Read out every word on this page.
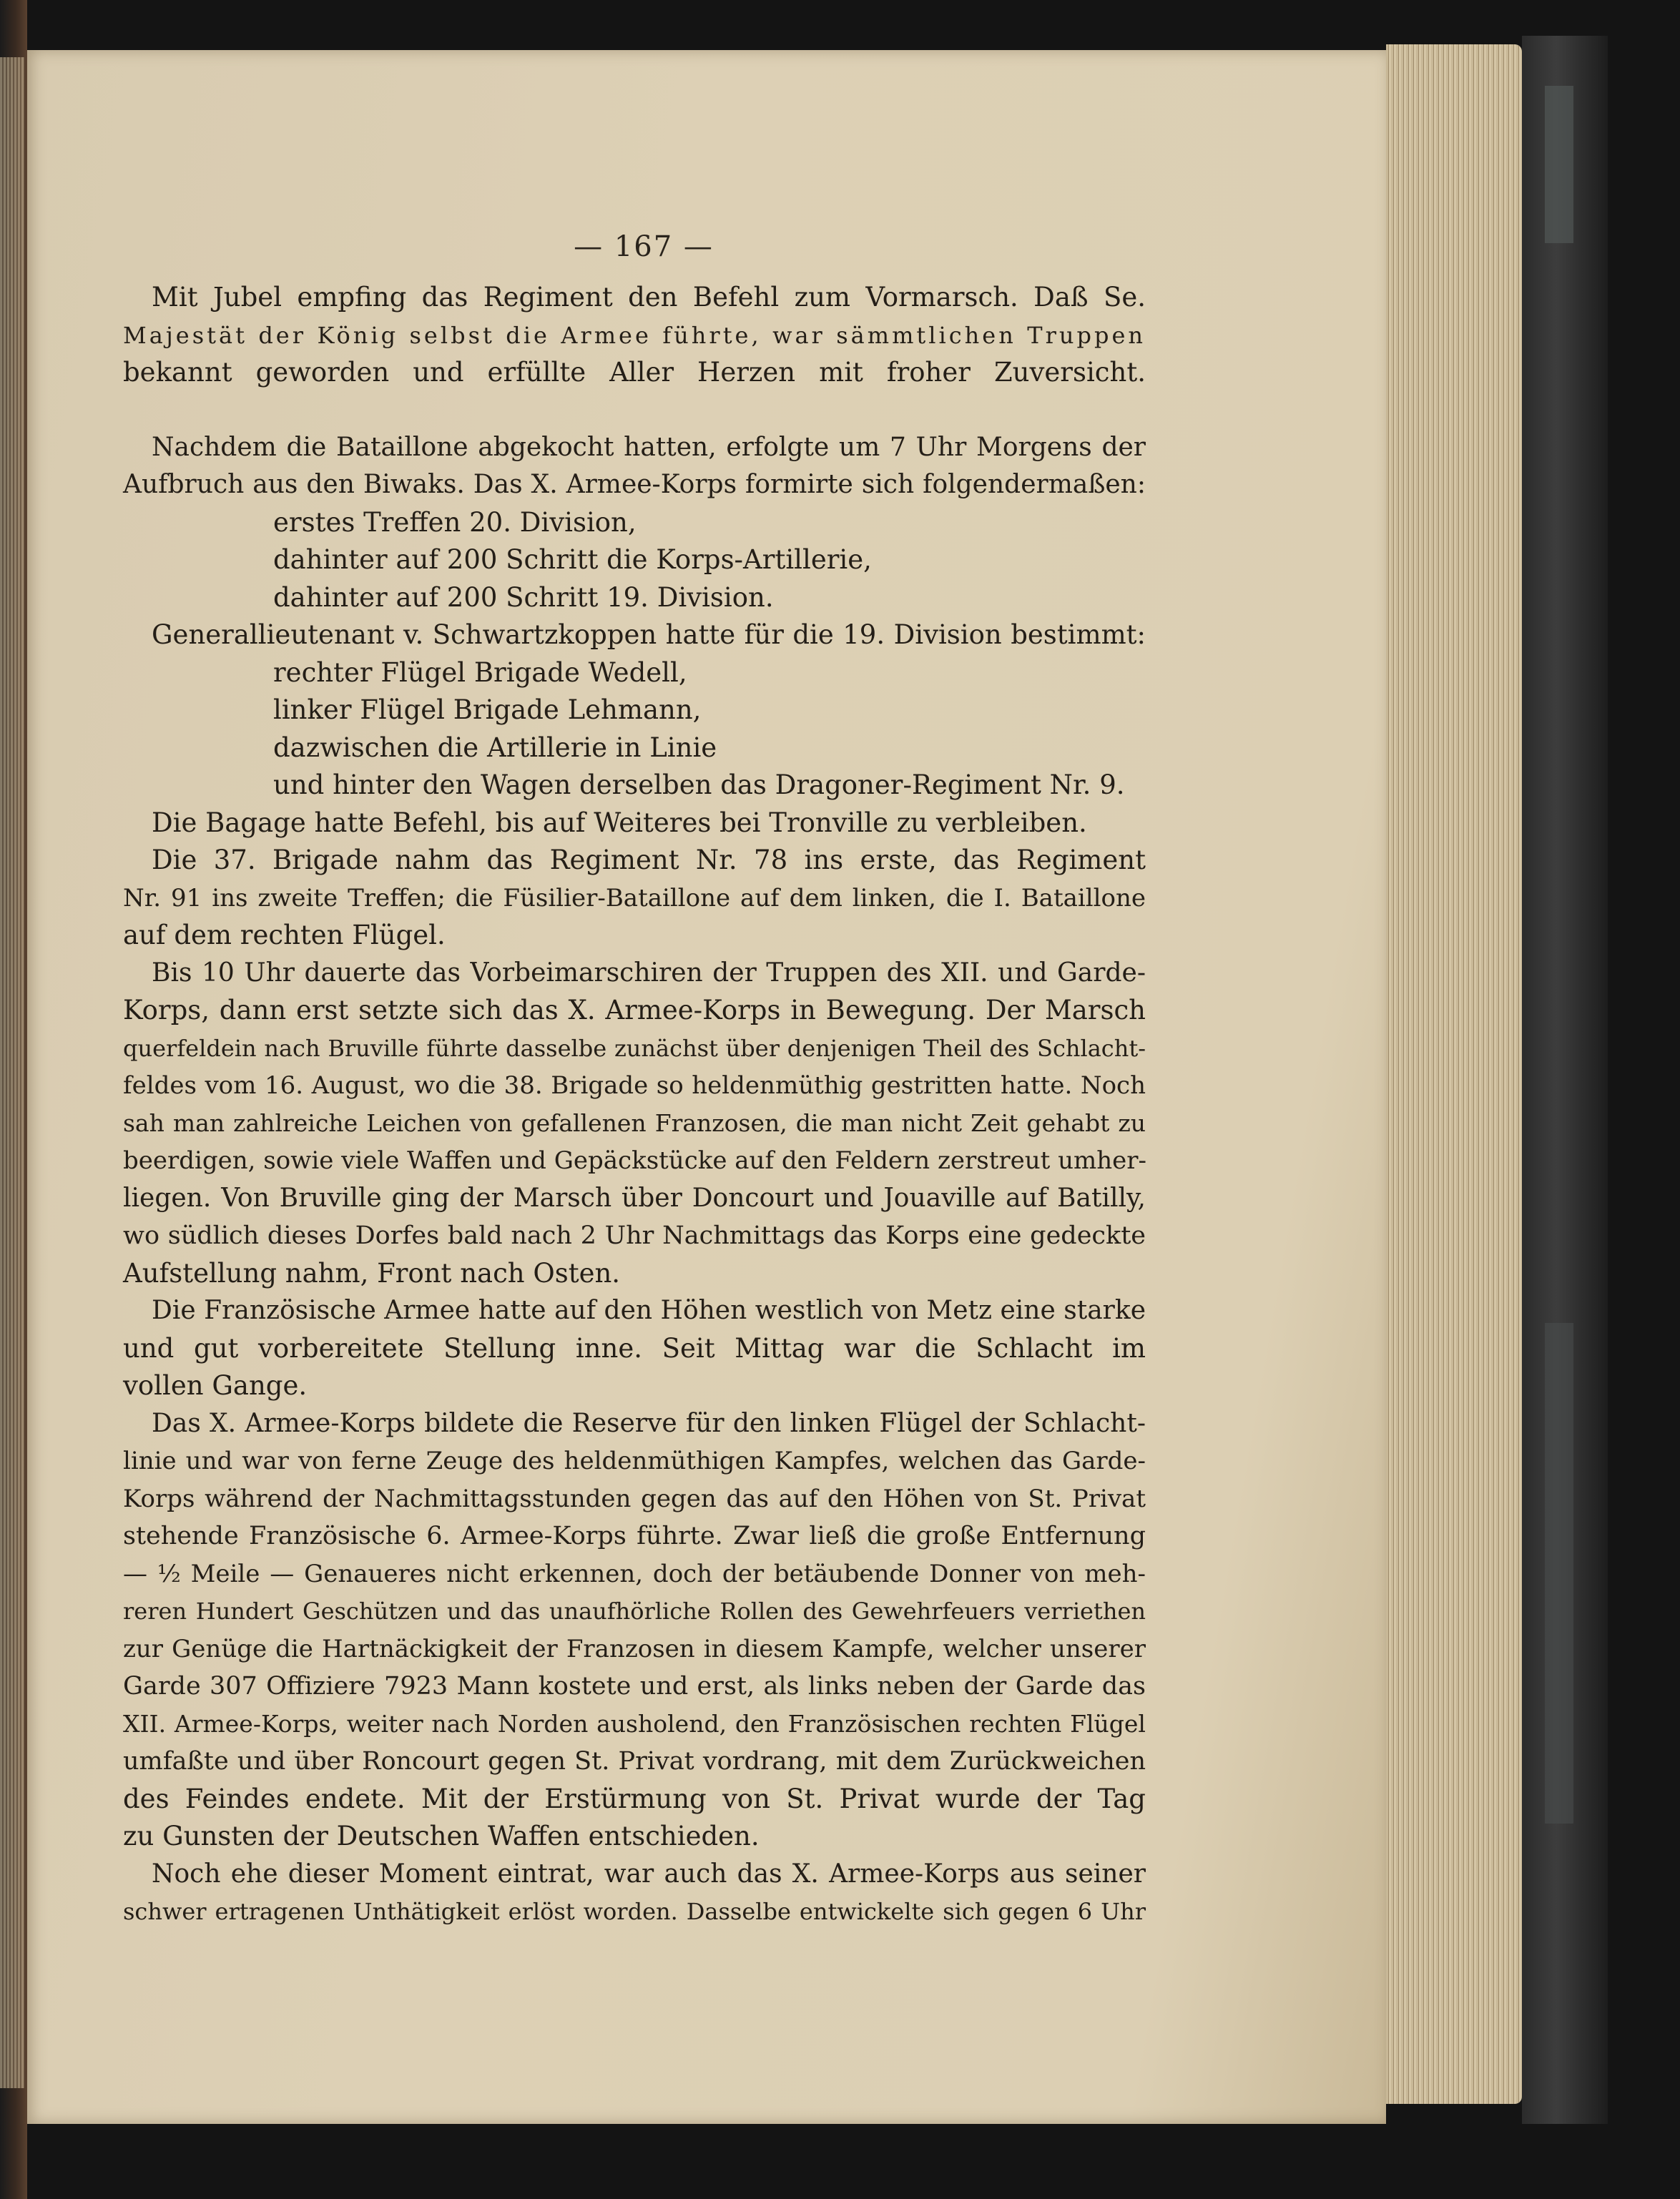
— 167 —
Mit Jubel empfing das Regiment den Befehl zum Vormarsch. Daß Se.
Majestät der König selbst die Armee führte, war sämmtlichen Truppen
bekannt geworden und erfüllte Aller Herzen mit froher Zuversicht.
Nachdem die Bataillone abgekocht hatten, erfolgte um 7 Uhr Morgens der
Aufbruch aus den Biwaks. Das X. Armee-Korps formirte sich folgendermaßen:
erstes Treffen 20. Division,
dahinter auf 200 Schritt die Korps-Artillerie,
dahinter auf 200 Schritt 19. Division.
Generallieutenant v. Schwartzkoppen hatte für die 19. Division bestimmt:
rechter Flügel Brigade Wedell,
linker Flügel Brigade Lehmann,
dazwischen die Artillerie in Linie
und hinter den Wagen derselben das Dragoner-Regiment Nr. 9.
Die Bagage hatte Befehl, bis auf Weiteres bei Tronville zu verbleiben.
Die 37. Brigade nahm das Regiment Nr. 78 ins erste, das Regiment
Nr. 91 ins zweite Treffen; die Füsilier-Bataillone auf dem linken, die I. Bataillone
auf dem rechten Flügel.
Bis 10 Uhr dauerte das Vorbeimarschiren der Truppen des XII. und Garde-
Korps, dann erst setzte sich das X. Armee-Korps in Bewegung. Der Marsch
querfeldein nach Bruville führte dasselbe zunächst über denjenigen Theil des Schlacht-
feldes vom 16. August, wo die 38. Brigade so heldenmüthig gestritten hatte. Noch
sah man zahlreiche Leichen von gefallenen Franzosen, die man nicht Zeit gehabt zu
beerdigen, sowie viele Waffen und Gepäckstücke auf den Feldern zerstreut umher-
liegen. Von Bruville ging der Marsch über Doncourt und Jouaville auf Batilly,
wo südlich dieses Dorfes bald nach 2 Uhr Nachmittags das Korps eine gedeckte
Aufstellung nahm, Front nach Osten.
Die Französische Armee hatte auf den Höhen westlich von Metz eine starke
und gut vorbereitete Stellung inne. Seit Mittag war die Schlacht im
vollen Gange.
Das X. Armee-Korps bildete die Reserve für den linken Flügel der Schlacht-
linie und war von ferne Zeuge des heldenmüthigen Kampfes, welchen das Garde-
Korps während der Nachmittagsstunden gegen das auf den Höhen von St. Privat
stehende Französische 6. Armee-Korps führte. Zwar ließ die große Entfernung
— ½ Meile — Genaueres nicht erkennen, doch der betäubende Donner von meh-
reren Hundert Geschützen und das unaufhörliche Rollen des Gewehrfeuers verriethen
zur Genüge die Hartnäckigkeit der Franzosen in diesem Kampfe, welcher unserer
Garde 307 Offiziere 7923 Mann kostete und erst, als links neben der Garde das
XII. Armee-Korps, weiter nach Norden ausholend, den Französischen rechten Flügel
umfaßte und über Roncourt gegen St. Privat vordrang, mit dem Zurückweichen
des Feindes endete. Mit der Erstürmung von St. Privat wurde der Tag
zu Gunsten der Deutschen Waffen entschieden.
Noch ehe dieser Moment eintrat, war auch das X. Armee-Korps aus seiner
schwer ertragenen Unthätigkeit erlöst worden. Dasselbe entwickelte sich gegen 6 Uhr
